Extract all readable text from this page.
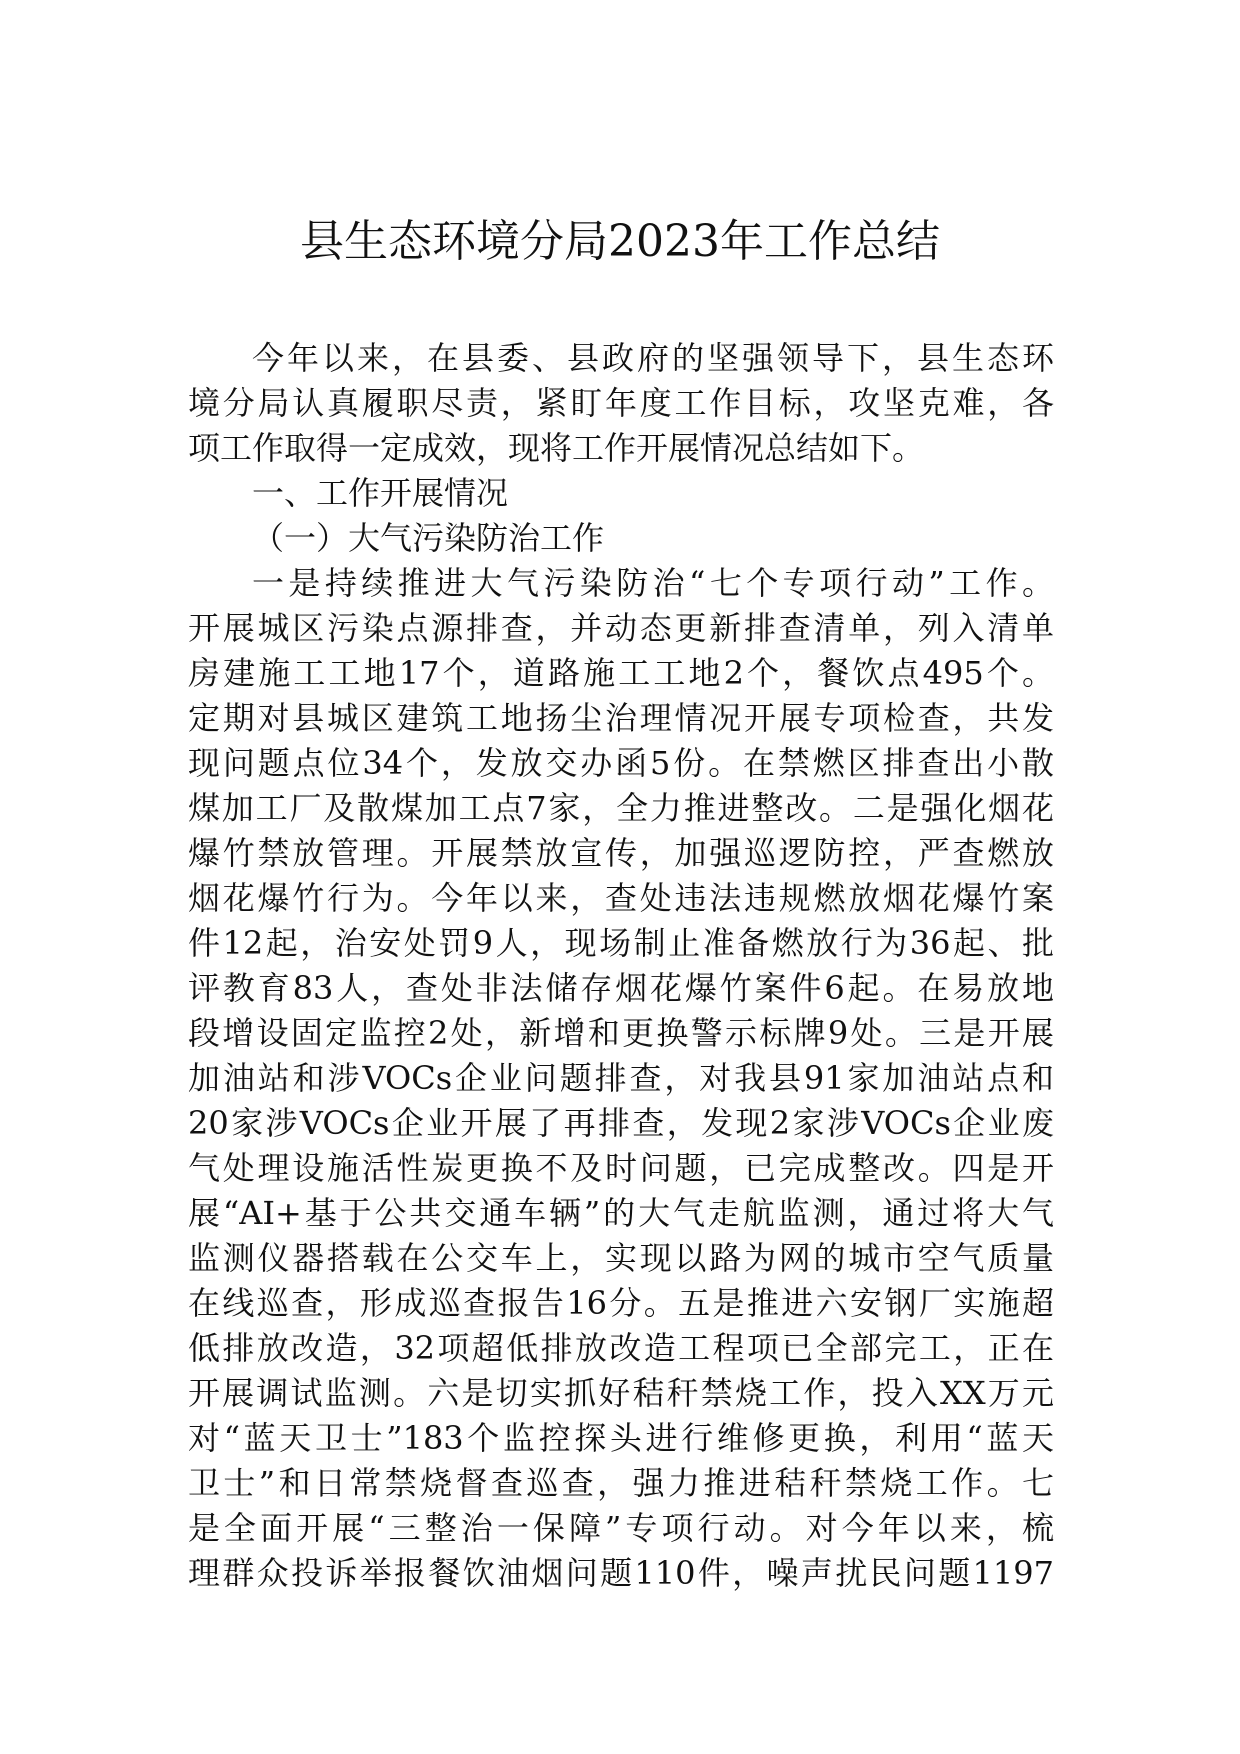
县生态环境分局2023年工作总结
今年以来，在县委、县政府的坚强领导下，县生态环
境分局认真履职尽责，紧盯年度工作目标，攻坚克难，各
项工作取得一定成效，现将工作开展情况总结如下。
一、工作开展情况
（一）大气污染防治工作
一是持续推进大气污染防治“七个专项行动”工作。
开展城区污染点源排查，并动态更新排查清单，列入清单
房建施工工地17个，道路施工工地2个，餐饮点495个。
定期对县城区建筑工地扬尘治理情况开展专项检查，共发
现问题点位34个，发放交办函5份。在禁燃区排查出小散
煤加工厂及散煤加工点7家，全力推进整改。二是强化烟花
爆竹禁放管理。开展禁放宣传，加强巡逻防控，严查燃放
烟花爆竹行为。今年以来，查处违法违规燃放烟花爆竹案
件12起，治安处罚9人，现场制止准备燃放行为36起、批
评教育83人，查处非法储存烟花爆竹案件6起。在易放地
段增设固定监控2处，新增和更换警示标牌9处。三是开展
加油站和涉VOCs企业问题排查，对我县91家加油站点和
20家涉VOCs企业开展了再排查，发现2家涉VOCs企业废
气处理设施活性炭更换不及时问题，已完成整改。四是开
展“AI+基于公共交通车辆”的大气走航监测，通过将大气
监测仪器搭载在公交车上，实现以路为网的城市空气质量
在线巡查，形成巡查报告16分。五是推进六安钢厂实施超
低排放改造，32项超低排放改造工程项已全部完工，正在
开展调试监测。六是切实抓好秸秆禁烧工作，投入XX万元
对“蓝天卫士”183个监控探头进行维修更换，利用“蓝天
卫士”和日常禁烧督查巡查，强力推进秸秆禁烧工作。七
是全面开展“三整治一保障”专项行动。对今年以来，梳
理群众投诉举报餐饮油烟问题110件，噪声扰民问题1197
